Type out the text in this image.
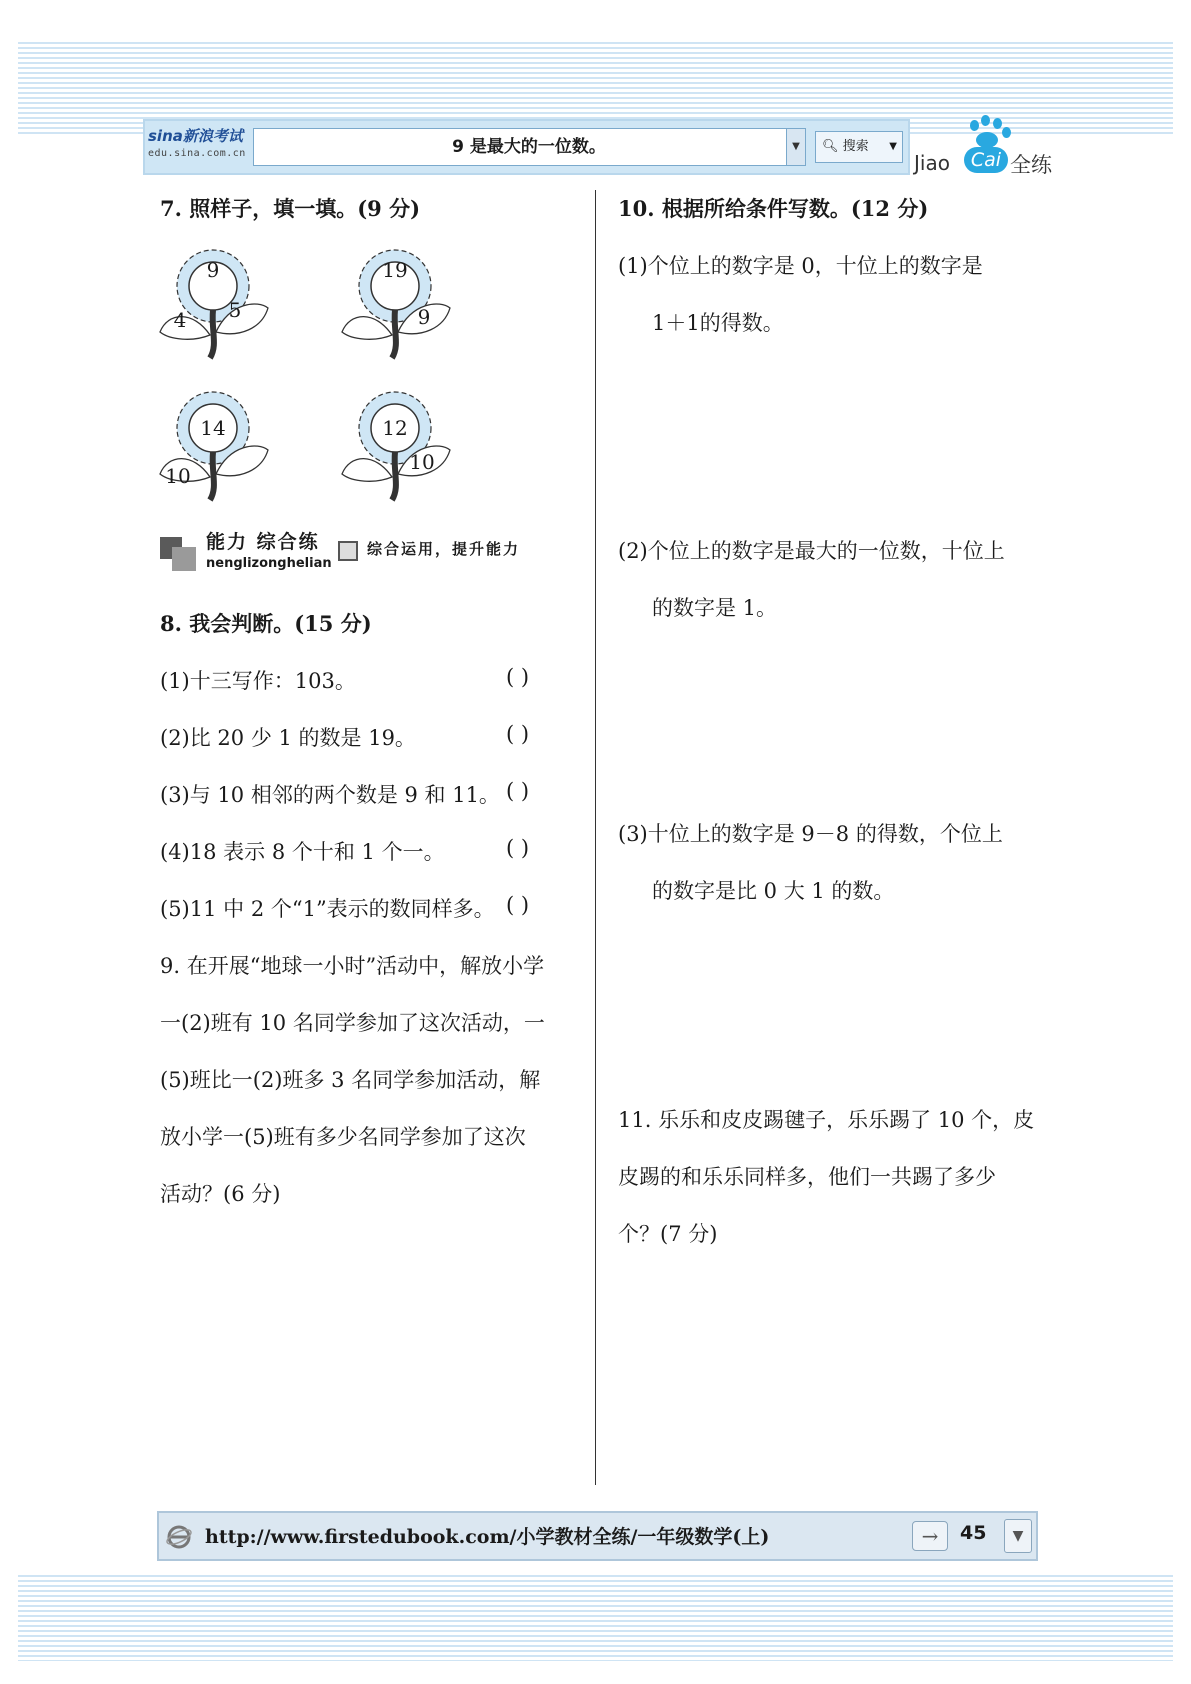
sina新浪考试
edu.sina.com.cn	9 是最大的一位数。	▼	🔍︎ 搜索 ▼
Jiao	Cai 全练
7. 照样子，填一填。(9 分)
9
4	5
19
9
14
10
12
10
能力 综合练
nenglizonghelian
综合运用，提升能力
8. 我会判断。(15 分)
(1)十三写作：103。	( )
(2)比 20 少 1 的数是 19。	( )
(3)与 10 相邻的两个数是 9 和 11。 ( )
(4)18 表示 8 个十和 1 个一。	( )
(5)11 中 2 个“1”表示的数同样多。 ( )
9. 在开展“地球一小时”活动中，解放小学
一(2)班有 10 名同学参加了这次活动，一
(5)班比一(2)班多 3 名同学参加活动，解
放小学一(5)班有多少名同学参加了这次
活动？(6 分)
10. 根据所给条件写数。(12 分)
(1)个位上的数字是 0，十位上的数字是
1＋1的得数。
(2)个位上的数字是最大的一位数，十位上
的数字是 1。
(3)十位上的数字是 9－8 的得数，个位上
的数字是比 0 大 1 的数。
11. 乐乐和皮皮踢毽子，乐乐踢了 10 个，皮
皮踢的和乐乐同样多，他们一共踢了多少
个？(7 分)
http://www.firstedubook.com/小学教材全练/一年级数学(上)	→	45	▼
